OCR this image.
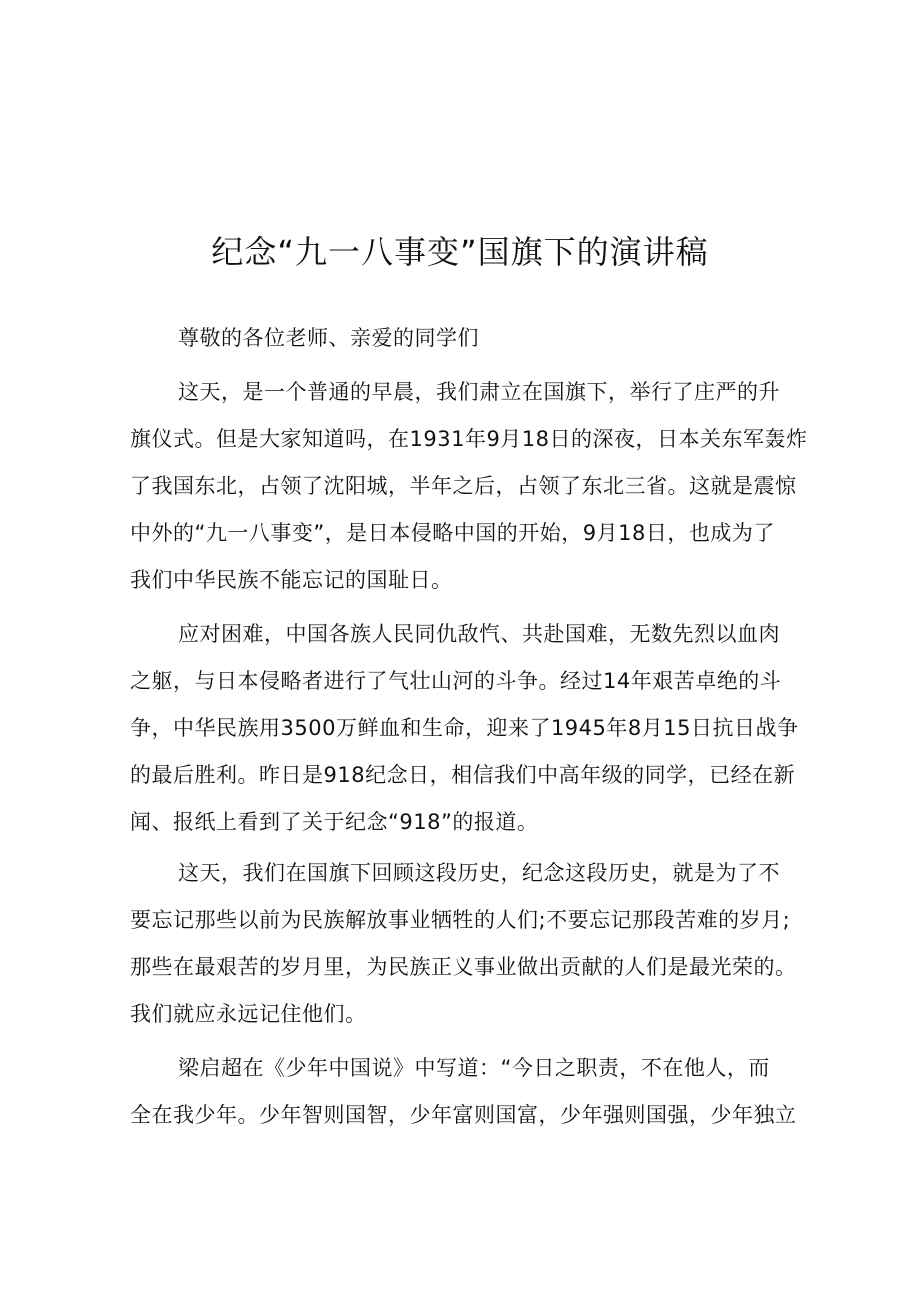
纪念“九一八事变”国旗下的演讲稿

尊敬的各位老师、亲爱的同学们

这天，是一个普通的早晨，我们肃立在国旗下，举行了庄严的升

旗仪式。但是大家知道吗，在1931年9月18日的深夜，日本关东军轰炸

了我国东北，占领了沈阳城，半年之后，占领了东北三省。这就是震惊

中外的“九一八事变”，是日本侵略中国的开始，9月18日，也成为了

我们中华民族不能忘记的国耻日。

应对困难，中国各族人民同仇敌忾、共赴国难，无数先烈以血肉

之躯，与日本侵略者进行了气壮山河的斗争。经过14年艰苦卓绝的斗

争，中华民族用3500万鲜血和生命，迎来了1945年8月15日抗日战争

的最后胜利。昨日是918纪念日，相信我们中高年级的同学，已经在新

闻、报纸上看到了关于纪念“918”的报道。

这天，我们在国旗下回顾这段历史，纪念这段历史，就是为了不

要忘记那些以前为民族解放事业牺牲的人们;不要忘记那段苦难的岁月;

那些在最艰苦的岁月里，为民族正义事业做出贡献的人们是最光荣的。

我们就应永远记住他们。

梁启超在《少年中国说》中写道：“今日之职责，不在他人，而

全在我少年。少年智则国智，少年富则国富，少年强则国强，少年独立
